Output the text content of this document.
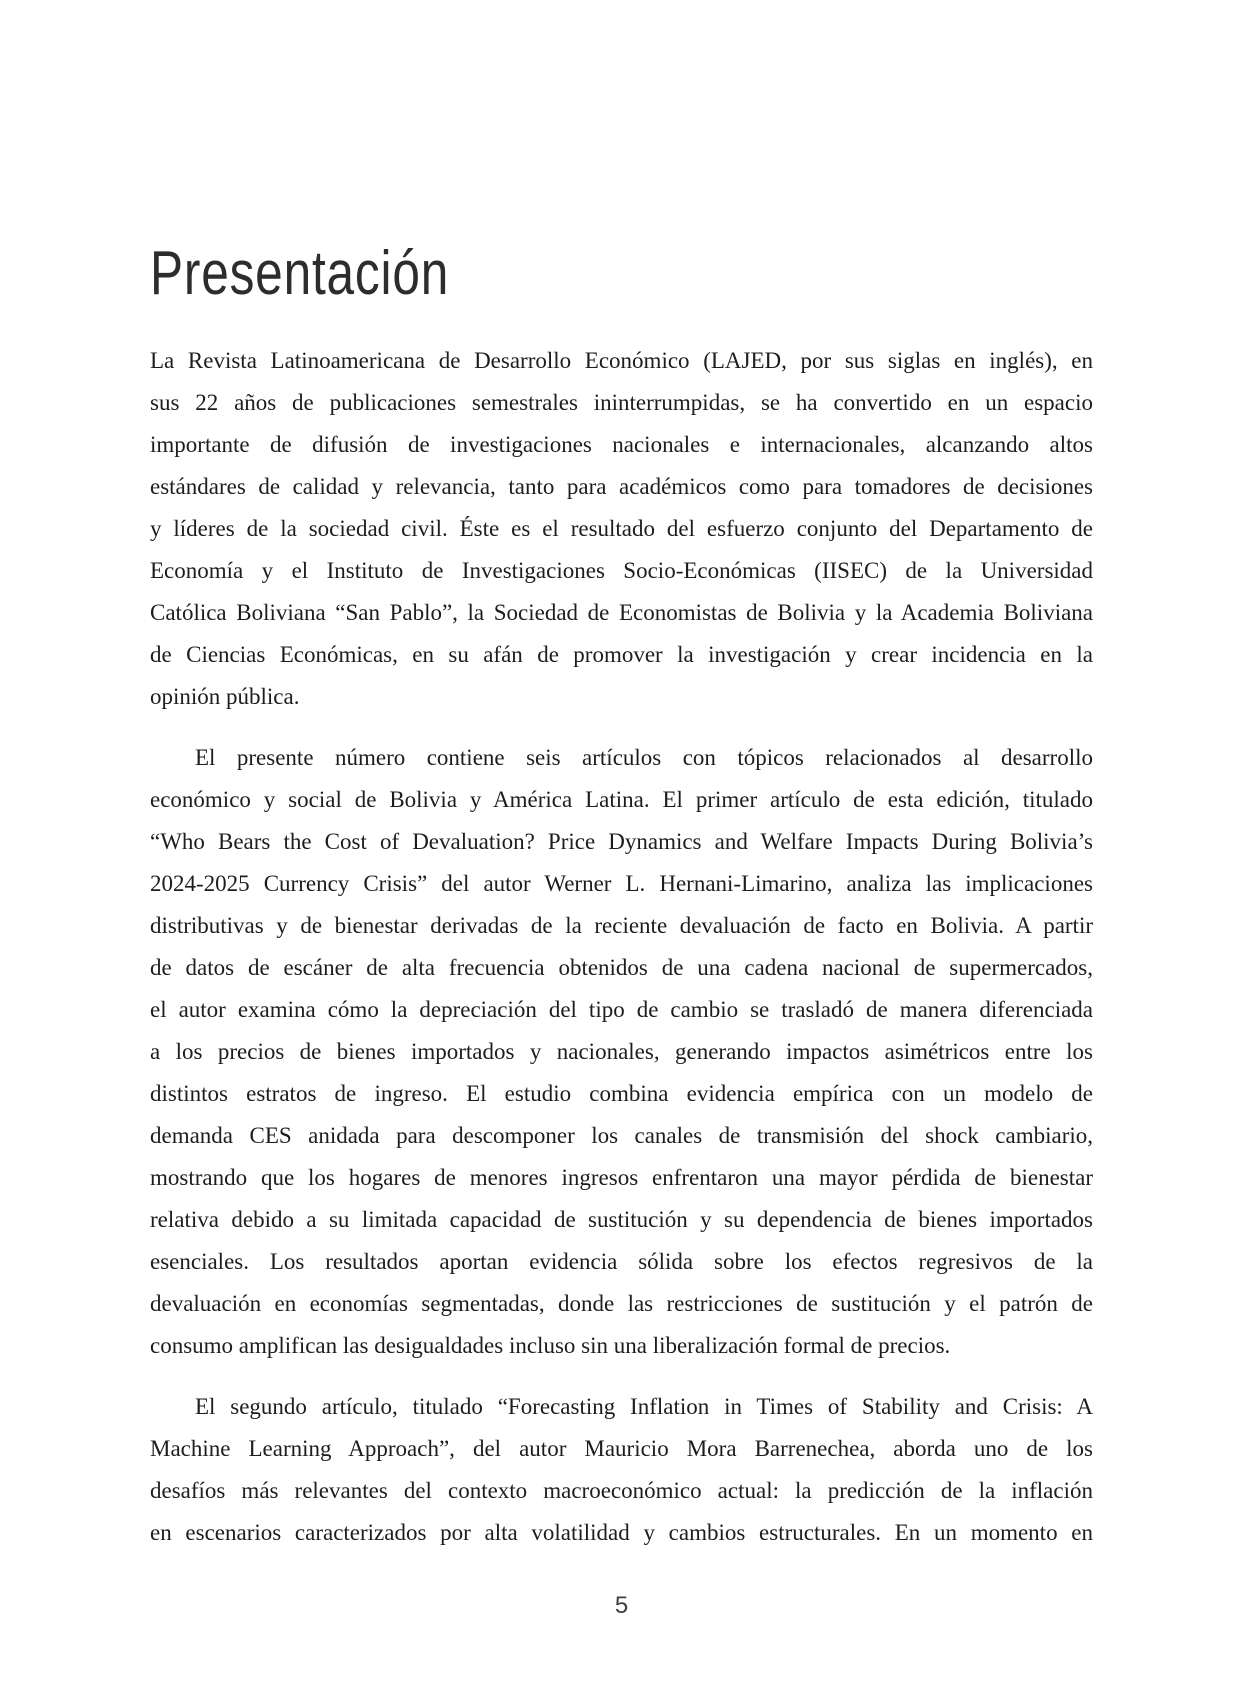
Presentación
La Revista Latinoamericana de Desarrollo Económico (LAJED, por sus siglas en inglés), en
sus 22 años de publicaciones semestrales ininterrumpidas, se ha convertido en un espacio
importante de difusión de investigaciones nacionales e internacionales, alcanzando altos
estándares de calidad y relevancia, tanto para académicos como para tomadores de decisiones
y líderes de la sociedad civil. Éste es el resultado del esfuerzo conjunto del Departamento de
Economía y el Instituto de Investigaciones Socio-Económicas (IISEC) de la Universidad
Católica Boliviana “San Pablo”, la Sociedad de Economistas de Bolivia y la Academia Boliviana
de Ciencias Económicas, en su afán de promover la investigación y crear incidencia en la
opinión pública.
El presente número contiene seis artículos con tópicos relacionados al desarrollo
económico y social de Bolivia y América Latina. El primer artículo de esta edición, titulado
“Who Bears the Cost of Devaluation? Price Dynamics and Welfare Impacts During Bolivia’s
2024-2025 Currency Crisis” del autor Werner L. Hernani-Limarino, analiza las implicaciones
distributivas y de bienestar derivadas de la reciente devaluación de facto en Bolivia. A partir
de datos de escáner de alta frecuencia obtenidos de una cadena nacional de supermercados,
el autor examina cómo la depreciación del tipo de cambio se trasladó de manera diferenciada
a los precios de bienes importados y nacionales, generando impactos asimétricos entre los
distintos estratos de ingreso. El estudio combina evidencia empírica con un modelo de
demanda CES anidada para descomponer los canales de transmisión del shock cambiario,
mostrando que los hogares de menores ingresos enfrentaron una mayor pérdida de bienestar
relativa debido a su limitada capacidad de sustitución y su dependencia de bienes importados
esenciales. Los resultados aportan evidencia sólida sobre los efectos regresivos de la
devaluación en economías segmentadas, donde las restricciones de sustitución y el patrón de
consumo amplifican las desigualdades incluso sin una liberalización formal de precios.
El segundo artículo, titulado “Forecasting Inflation in Times of Stability and Crisis: A
Machine Learning Approach”, del autor Mauricio Mora Barrenechea, aborda uno de los
desafíos más relevantes del contexto macroeconómico actual: la predicción de la inflación
en escenarios caracterizados por alta volatilidad y cambios estructurales. En un momento en
5
